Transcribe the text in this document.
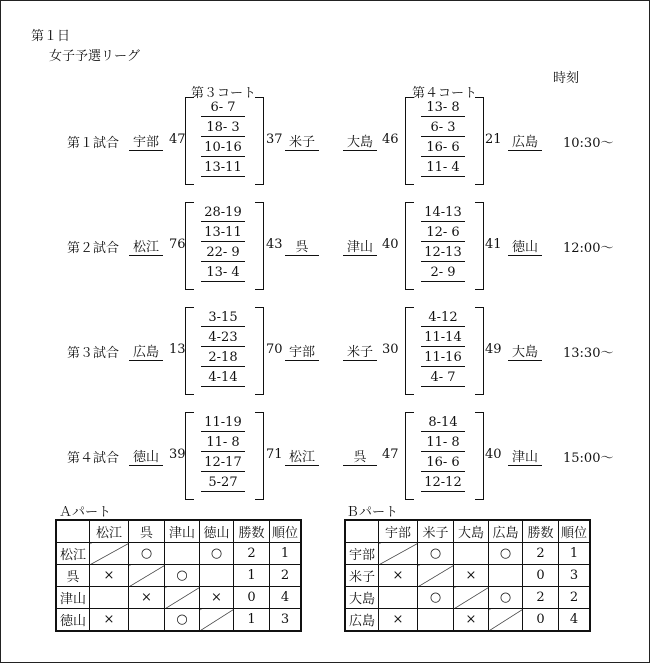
第１日
女子予選リーグ
時刻
第３コート	第４コート
第１試合	10:30〜
宇部 47
6- 7
18- 3
10-16
13-11
37 米子	大島 46
13- 8
6- 3
16- 6
11- 4
21 広島
第２試合	12:00〜
松江 76
28-19
13-11
22- 9
13- 4
43 呉	津山 40
14-13
12- 6
12-13
2- 9
41 徳山
第３試合	13:30〜
広島 13
3-15
4-23
2-18
4-14
70 宇部	米子 30
4-12
11-14
11-16
4- 7
49 大島
第４試合	15:00〜
徳山 39
11-19
11- 8
12-17
5-27
71 松江	呉	47
8-14
11- 8
16- 6
12-12
40 津山
Ａパート
	松江	呉	津山	徳山	勝数	順位
松江		○		○	2	1
呉	×		○		1	2
津山		×		×	0	4
徳山	×		○		1	3
Ｂパート
	宇部	米子	大島	広島	勝数	順位
宇部		○		○	2	1
米子	×		×		0	3
大島		○		○	2	2
広島	×		×		0	4
